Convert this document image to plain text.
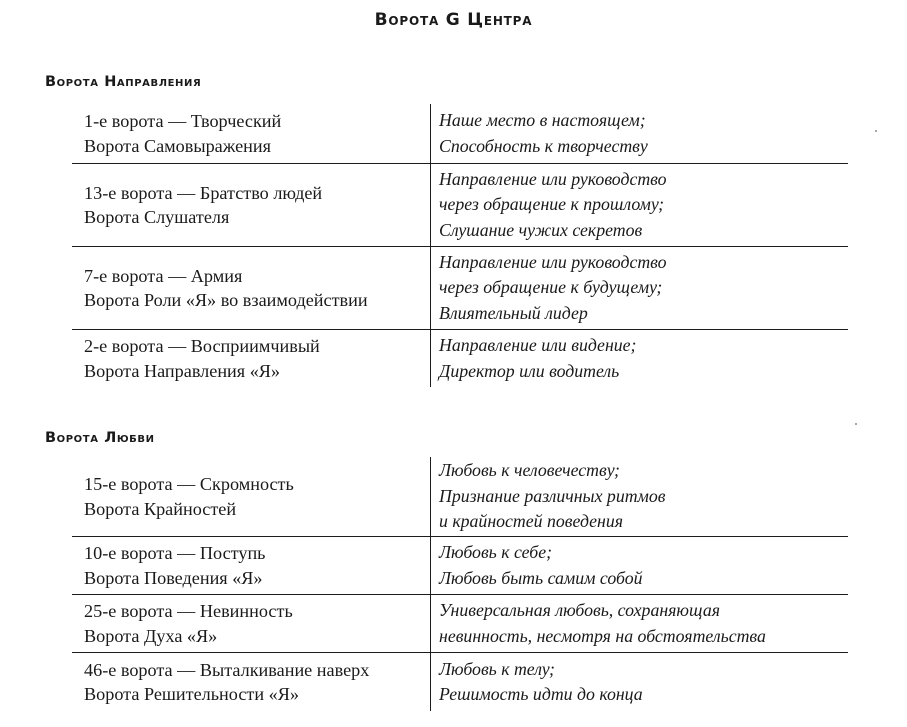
Ворота G Центра
Ворота Направления
1-е ворота — Творческий
Ворота Самовыражения
Наше место в настоящем;
Способность к творчеству
13-е ворота — Братство людей
Ворота Слушателя
Направление или руководство
через обращение к прошлому;
Слушание чужих секретов
7-е ворота — Армия
Ворота Роли «Я» во взаимодействии
Направление или руководство
через обращение к будущему;
Влиятельный лидер
2-е ворота — Восприимчивый
Ворота Направления «Я»
Направление или видение;
Директор или водитель
Ворота Любви
15-е ворота — Скромность
Ворота Крайностей
Любовь к человечеству;
Признание различных ритмов
и крайностей поведения
10-е ворота — Поступь
Ворота Поведения «Я»
Любовь к себе;
Любовь быть самим собой
25-е ворота — Невинность
Ворота Духа «Я»
Универсальная любовь, сохраняющая
невинность, несмотря на обстоятельства
46-е ворота — Выталкивание наверх
Ворота Решительности «Я»
Любовь к телу;
Решимость идти до конца
